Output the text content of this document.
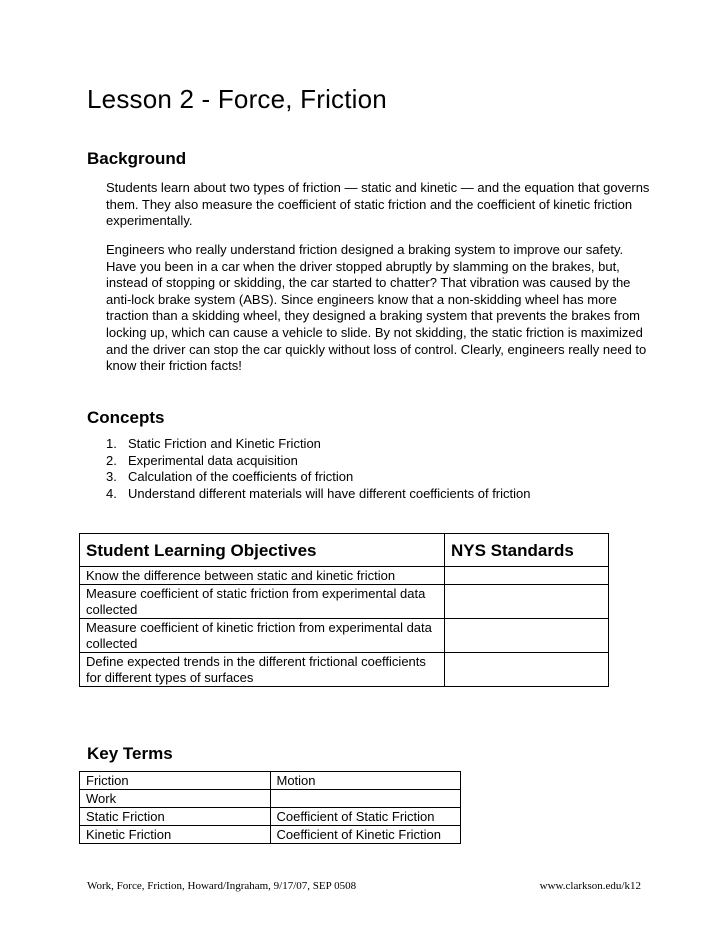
Lesson 2 - Force, Friction
Background

Students learn about two types of friction — static and kinetic — and the equation that governs them. They also measure the coefficient of static friction and the coefficient of kinetic friction experimentally.

Engineers who really understand friction designed a braking system to improve our safety. Have you been in a car when the driver stopped abruptly by slamming on the brakes, but, instead of stopping or skidding, the car started to chatter? That vibration was caused by the anti-lock brake system (ABS). Since engineers know that a non-skidding wheel has more traction than a skidding wheel, they designed a braking system that prevents the brakes from locking up, which can cause a vehicle to slide. By not skidding, the static friction is maximized and the driver can stop the car quickly without loss of control. Clearly, engineers really need to know their friction facts!

Concepts
1. Static Friction and Kinetic Friction
2. Experimental data acquisition
3. Calculation of the coefficients of friction
4. Understand different materials will have different coefficients of friction
Student Learning Objectives	NYS Standards
Know the difference between static and kinetic friction	
Measure coefficient of static friction from experimental data collected	
Measure coefficient of kinetic friction from experimental data collected	
Define expected trends in the different frictional coefficients for different types of surfaces	
Key Terms
Friction	Motion
Work	
Static Friction	Coefficient of Static Friction
Kinetic Friction	Coefficient of Kinetic Friction
Work, Force, Friction, Howard/Ingraham, 9/17/07, SEP 0508	www.clarkson.edu/k12
